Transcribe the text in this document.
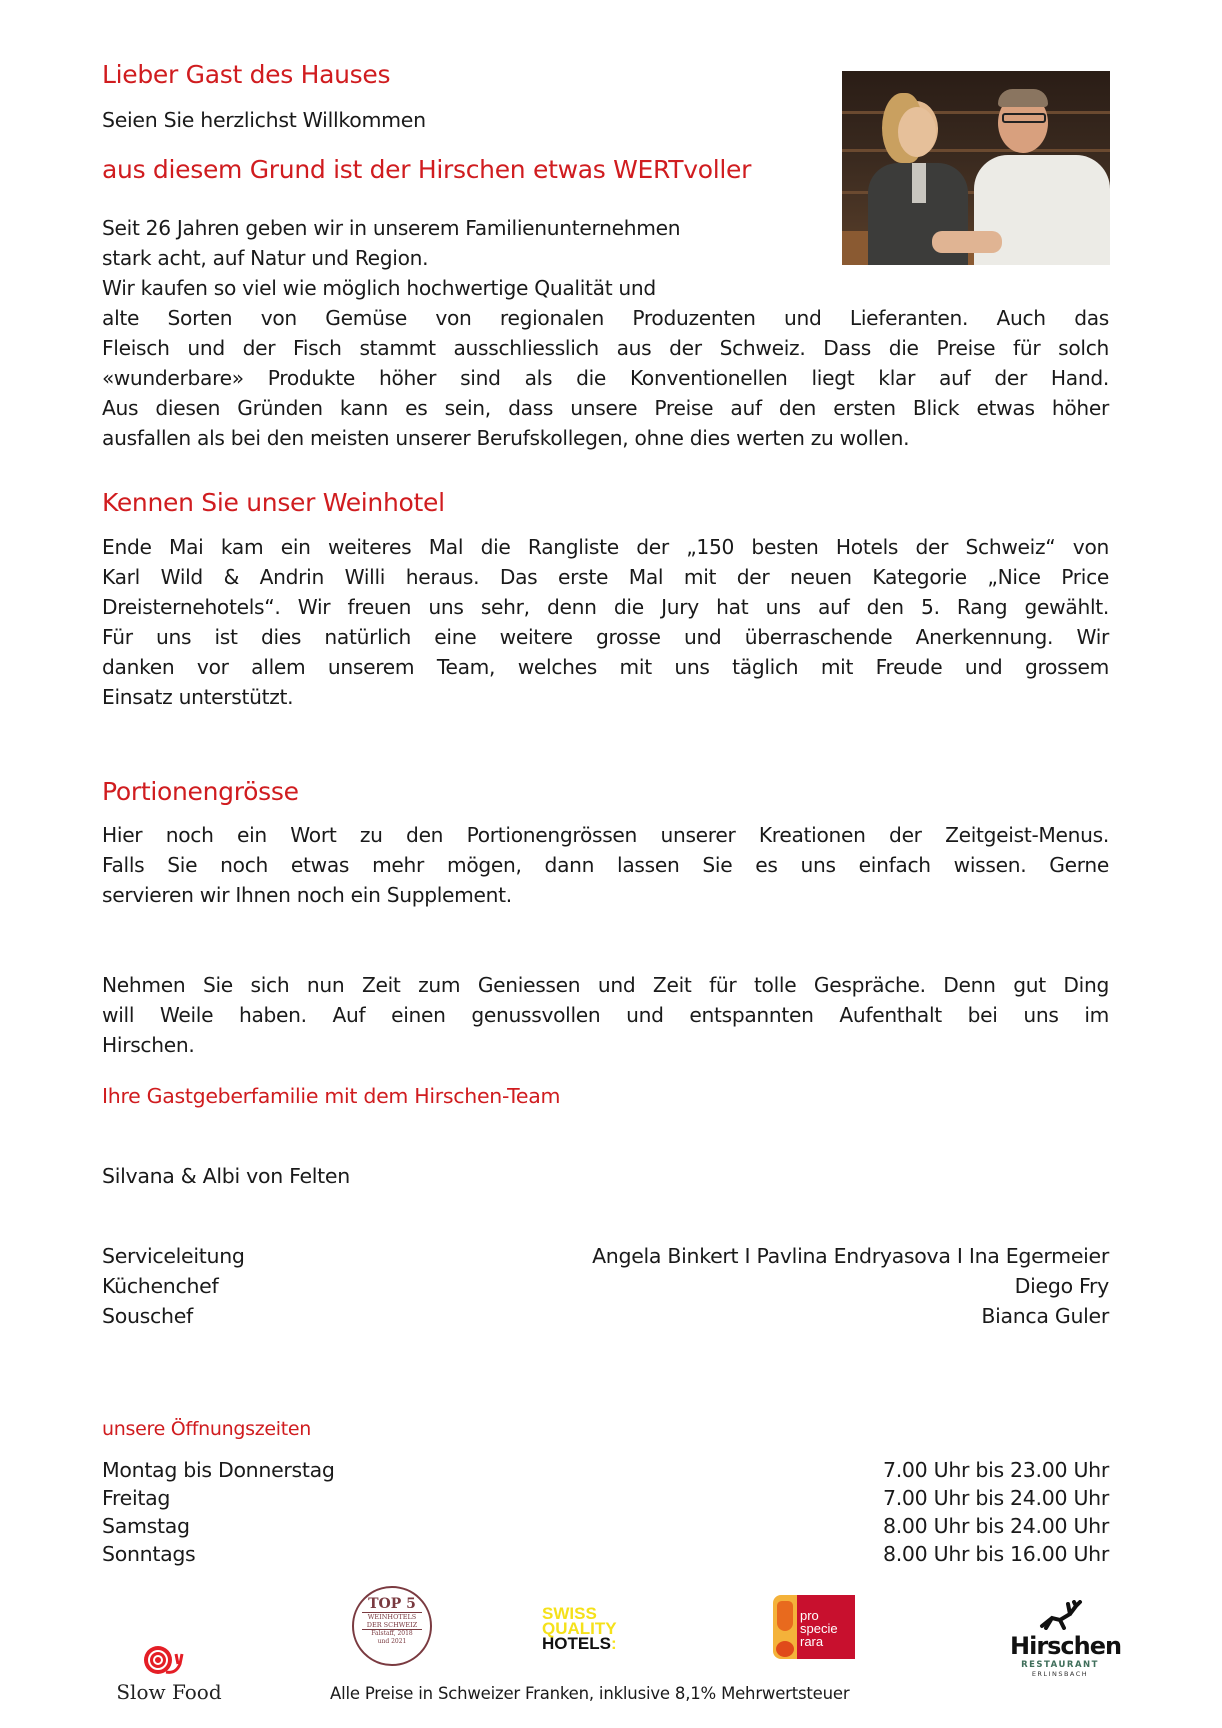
Lieber Gast des Hauses
Seien Sie herzlichst Willkommen
aus diesem Grund ist der Hirschen etwas WERTvoller
Seit 26 Jahren geben wir in unserem Familienunternehmen
stark acht, auf Natur und Region.
Wir kaufen so viel wie möglich hochwertige Qualität und
alte Sorten von Gemüse von regionalen Produzenten und Lieferanten. Auch das
Fleisch und der Fisch stammt ausschliesslich aus der Schweiz. Dass die Preise für solch
«wunderbare» Produkte höher sind als die Konventionellen liegt klar auf der Hand.
Aus diesen Gründen kann es sein, dass unsere Preise auf den ersten Blick etwas höher
ausfallen als bei den meisten unserer Berufskollegen, ohne dies werten zu wollen.
Kennen Sie unser Weinhotel
Ende Mai kam ein weiteres Mal die Rangliste der „150 besten Hotels der Schweiz“ von
Karl Wild & Andrin Willi heraus. Das erste Mal mit der neuen Kategorie „Nice Price
Dreisternehotels“. Wir freuen uns sehr, denn die Jury hat uns auf den 5. Rang gewählt.
Für uns ist dies natürlich eine weitere grosse und überraschende Anerkennung. Wir
danken vor allem unserem Team, welches mit uns täglich mit Freude und grossem
Einsatz unterstützt.
Portionengrösse
Hier noch ein Wort zu den Portionengrössen unserer Kreationen der Zeitgeist-Menus.
Falls Sie noch etwas mehr mögen, dann lassen Sie es uns einfach wissen. Gerne
servieren wir Ihnen noch ein Supplement.
Nehmen Sie sich nun Zeit zum Geniessen und Zeit für tolle Gespräche. Denn gut Ding
will Weile haben. Auf einen genussvollen und entspannten Aufenthalt bei uns im
Hirschen.
Ihre Gastgeberfamilie mit dem Hirschen-Team
Silvana & Albi von Felten
Serviceleitung	Angela Binkert I Pavlina Endryasova I Ina Egermeier
Küchenchef	Diego Fry
Souschef	Bianca Guler
unsere Öffnungszeiten
Montag bis Donnerstag	7.00 Uhr bis 23.00 Uhr
Freitag	7.00 Uhr bis 24.00 Uhr
Samstag	8.00 Uhr bis 24.00 Uhr
Sonntags	8.00 Uhr bis 16.00 Uhr
Slow Food
TOP 5
WEINHOTELS
DER SCHWEIZ
Falstaff, 2018
und 2021
SWISS
QUALITY
HOTELS:
pro
specie
rara	Hirschen
RESTAURANT
ERLINSBACH
Alle Preise in Schweizer Franken, inklusive 8,1% Mehrwertsteuer
